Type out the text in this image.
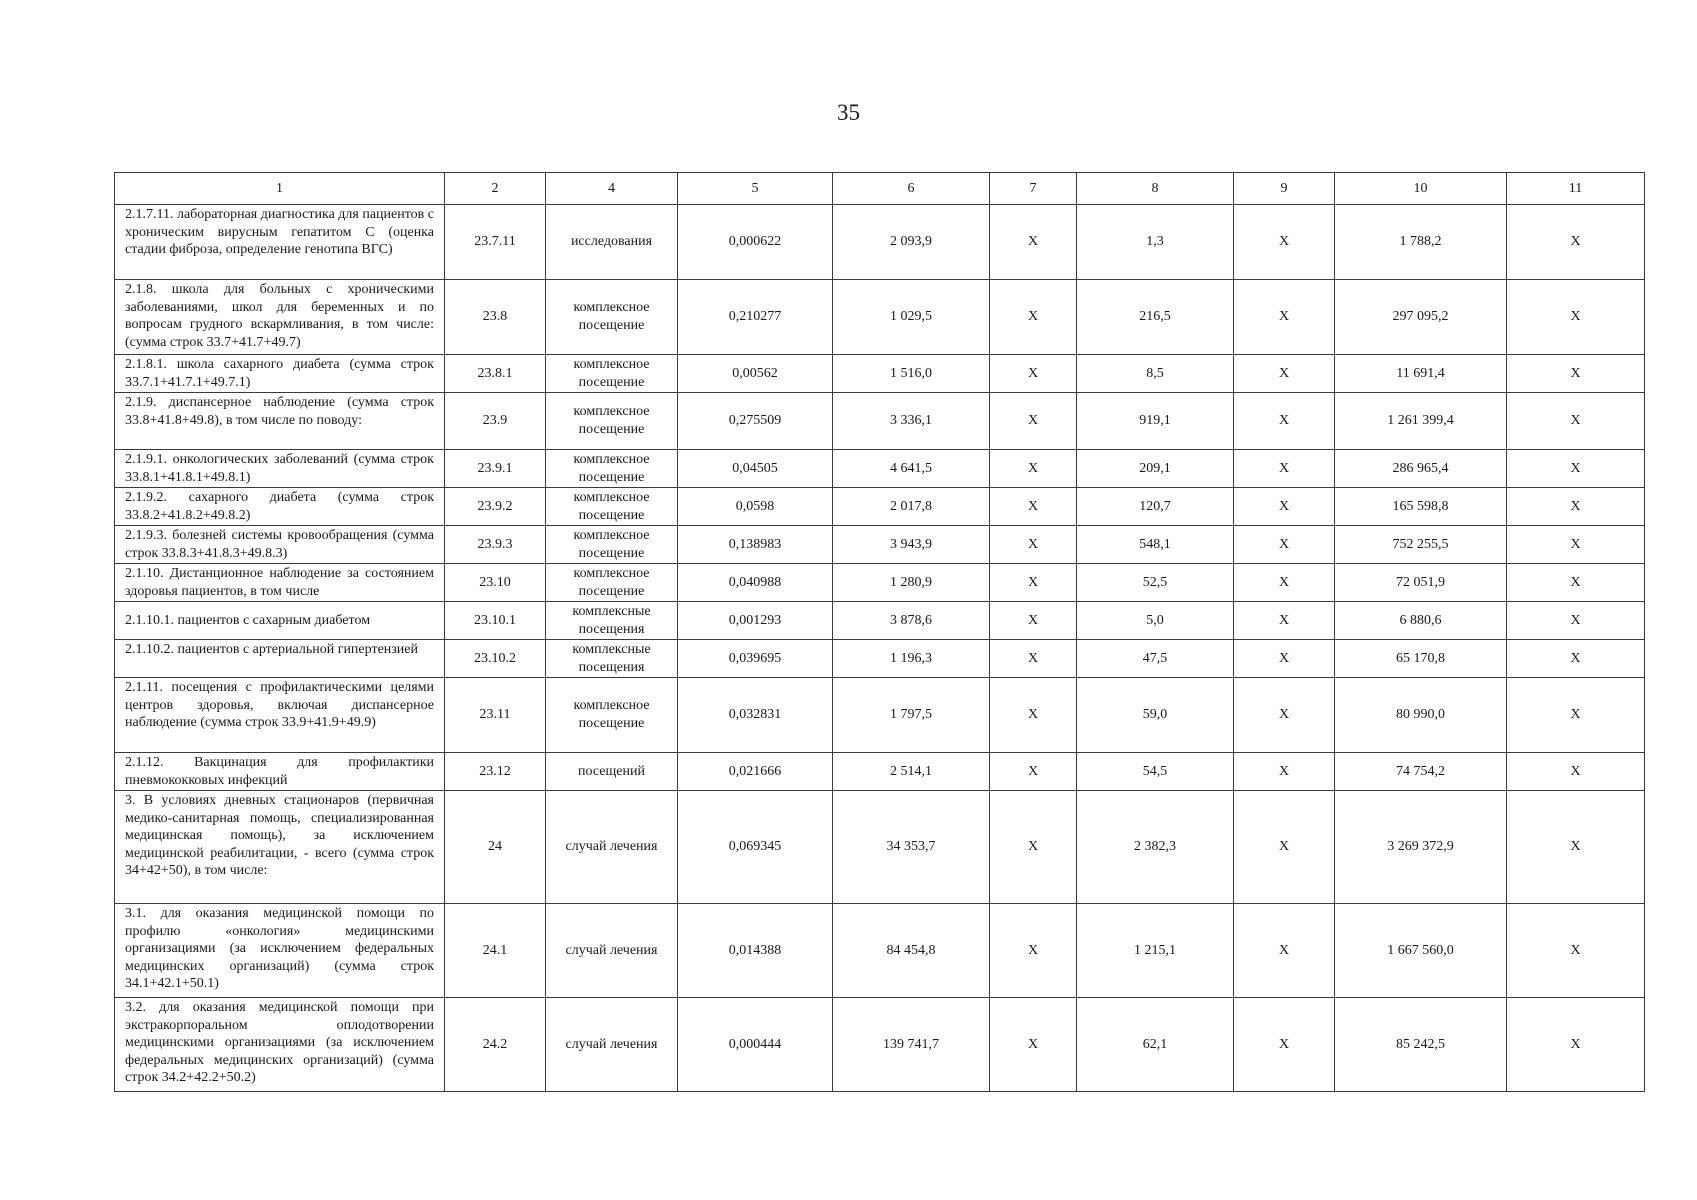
35
1	2	4	5	6	7	8	9	10	11
2.1.7.11. лабораторная диагностика для пациентов с хроническим вирусным гепатитом С (оценка стадии фиброза, определение генотипа ВГС)	23.7.11	исследования	0,000622	2 093,9	Х	1,3	Х	1 788,2	Х
2.1.8. школа для больных с хроническими заболеваниями, школ для беременных и по вопросам грудного вскармливания, в том числе: (сумма строк 33.7+41.7+49.7)	23.8	комплексное посещение	0,210277	1 029,5	Х	216,5	Х	297 095,2	Х
2.1.8.1. школа сахарного диабета (сумма строк 33.7.1+41.7.1+49.7.1)	23.8.1	комплексное посещение	0,00562	1 516,0	Х	8,5	Х	11 691,4	Х
2.1.9. диспансерное наблюдение (сумма строк 33.8+41.8+49.8), в том числе по поводу:	23.9	комплексное посещение	0,275509	3 336,1	Х	919,1	Х	1 261 399,4	Х
2.1.9.1. онкологических заболеваний (сумма строк 33.8.1+41.8.1+49.8.1)	23.9.1	комплексное посещение	0,04505	4 641,5	Х	209,1	Х	286 965,4	Х
2.1.9.2. сахарного диабета (сумма строк 33.8.2+41.8.2+49.8.2)	23.9.2	комплексное посещение	0,0598	2 017,8	Х	120,7	Х	165 598,8	Х
2.1.9.3. болезней системы кровообращения (сумма строк 33.8.3+41.8.3+49.8.3)	23.9.3	комплексное посещение	0,138983	3 943,9	Х	548,1	Х	752 255,5	Х
2.1.10. Дистанционное наблюдение за состоянием здоровья пациентов, в том числе	23.10	комплексное посещение	0,040988	1 280,9	Х	52,5	Х	72 051,9	Х
2.1.10.1. пациентов с сахарным диабетом	23.10.1	комплексные посещения	0,001293	3 878,6	Х	5,0	Х	6 880,6	Х
2.1.10.2. пациентов с артериальной гипертензией	23.10.2	комплексные посещения	0,039695	1 196,3	Х	47,5	Х	65 170,8	Х
2.1.11. посещения с профилактическими целями центров здоровья, включая диспансерное наблюдение (сумма строк 33.9+41.9+49.9)	23.11	комплексное посещение	0,032831	1 797,5	Х	59,0	Х	80 990,0	Х
2.1.12. Вакцинация для профилактики пневмококковых инфекций	23.12	посещений	0,021666	2 514,1	Х	54,5	Х	74 754,2	Х
3. В условиях дневных стационаров (первичная медико-санитарная помощь, специализированная медицинская помощь), за исключением медицинской реабилитации, - всего (сумма строк 34+42+50), в том числе:	24	случай лечения	0,069345	34 353,7	Х	2 382,3	Х	3 269 372,9	Х
3.1. для оказания медицинской помощи по профилю «онкология» медицинскими организациями (за исключением федеральных медицинских организаций) (сумма строк 34.1+42.1+50.1)	24.1	случай лечения	0,014388	84 454,8	Х	1 215,1	Х	1 667 560,0	Х
3.2. для оказания медицинской помощи при экстракорпоральном оплодотворении медицинскими организациями (за исключением федеральных медицинских организаций) (сумма строк 34.2+42.2+50.2)	24.2	случай лечения	0,000444	139 741,7	Х	62,1	Х	85 242,5	Х
